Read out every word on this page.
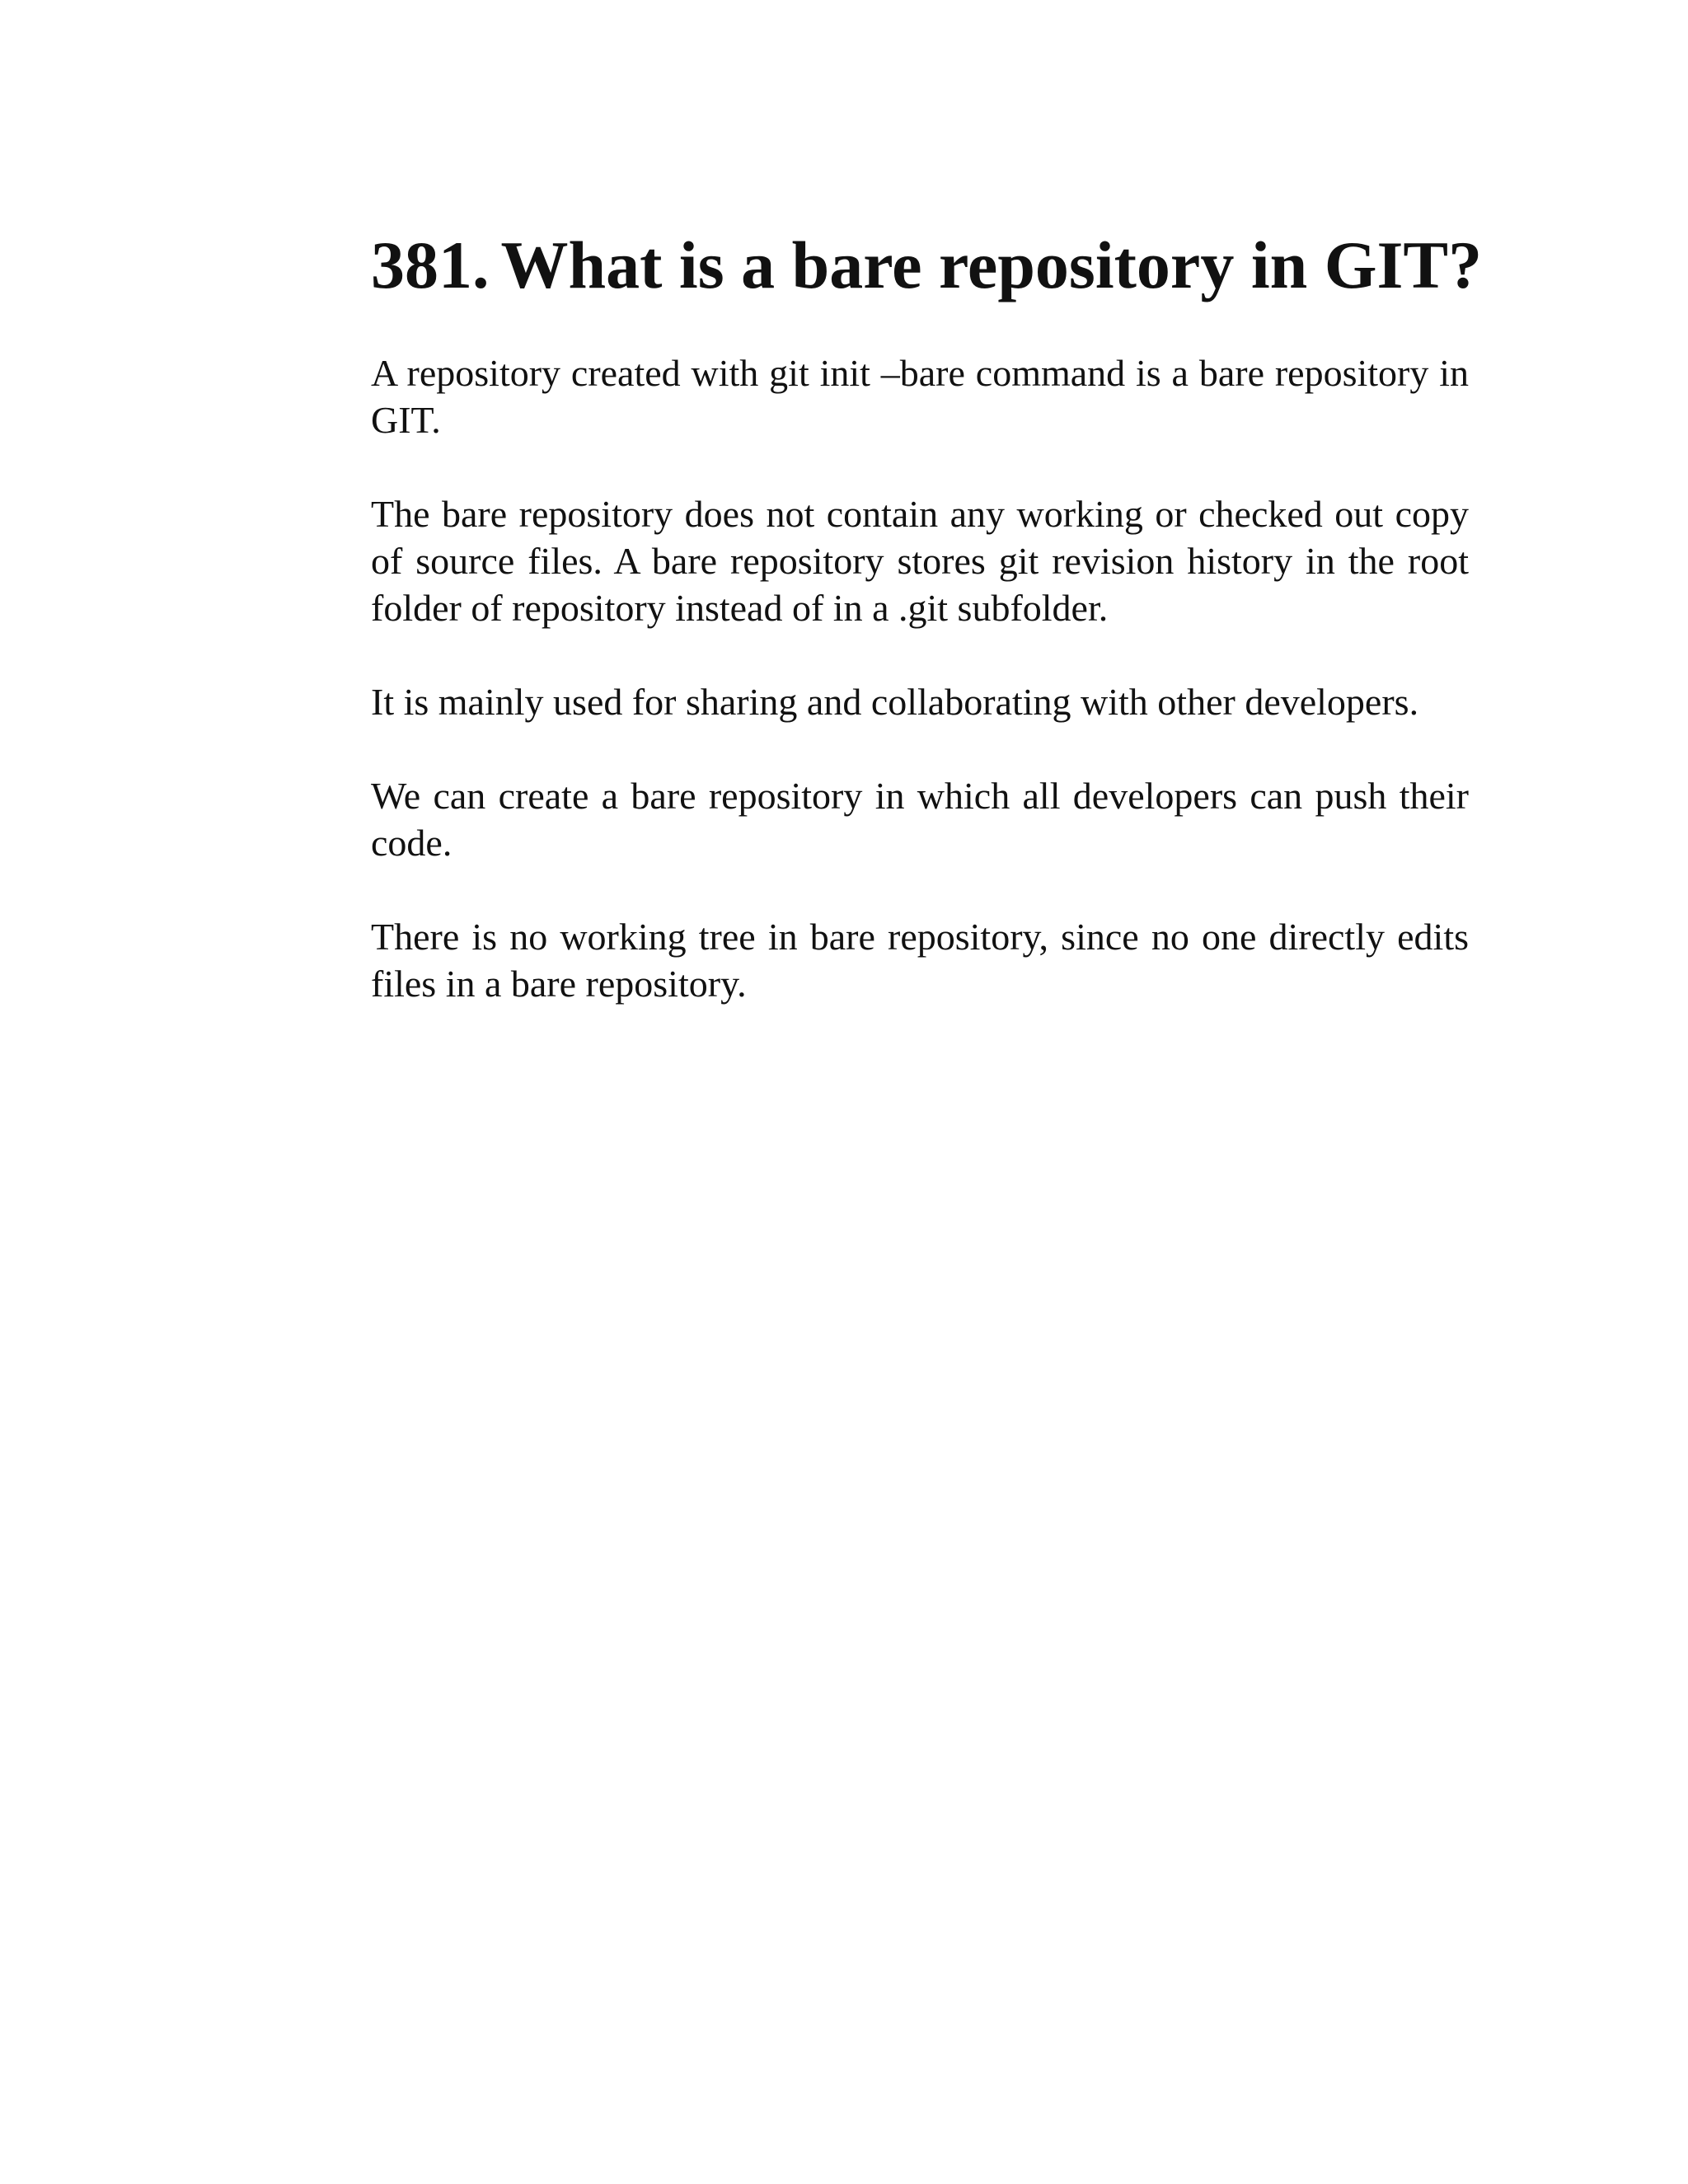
381. What is a bare repository in GIT?

A repository created with git init –bare command is a bare repository in GIT.

The bare repository does not contain any working or checked out copy of source files. A bare repository stores git revision history in the root folder of repository instead of in a .git subfolder.

It is mainly used for sharing and collaborating with other developers.

We can create a bare repository in which all developers can push their code.

There is no working tree in bare repository, since no one directly edits files in a bare repository.
